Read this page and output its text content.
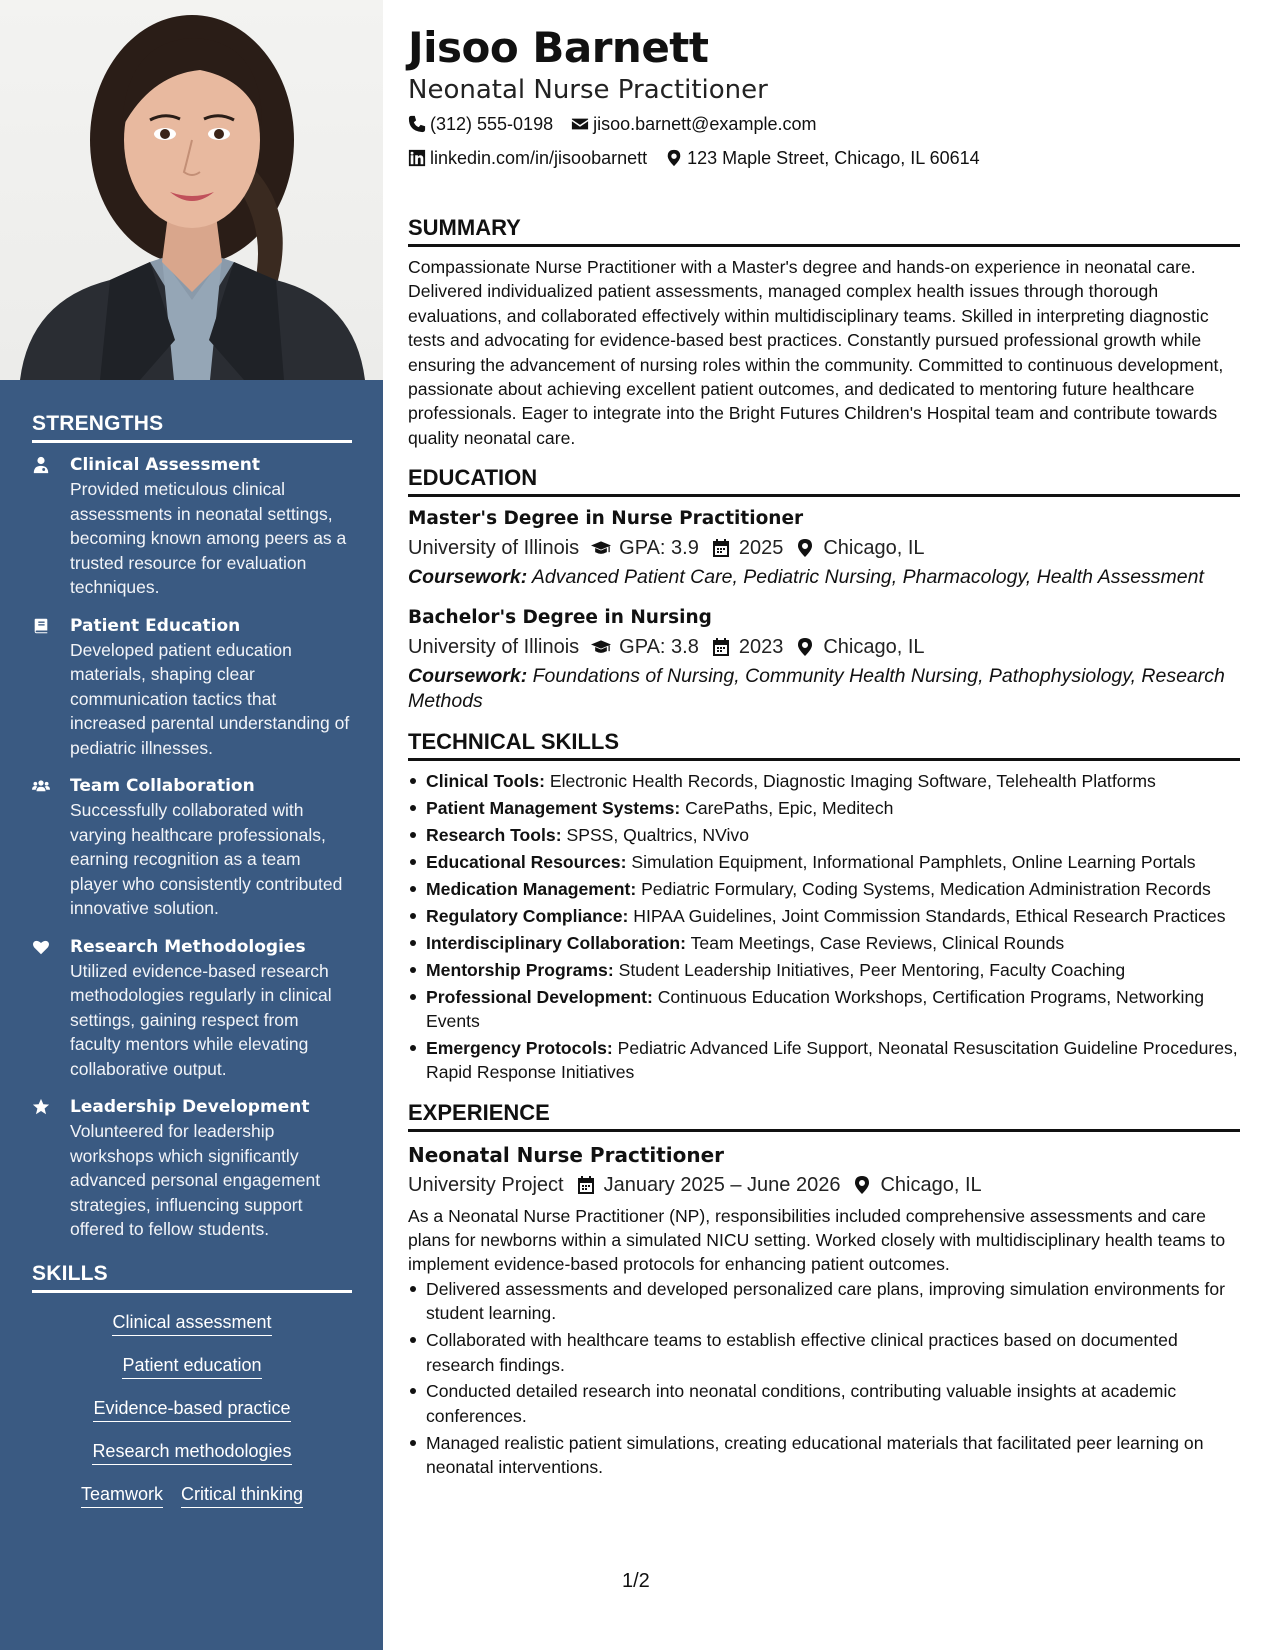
STRENGTHS
Clinical Assessment
Provided meticulous clinical assessments in neonatal settings, becoming known among peers as a trusted resource for evaluation techniques.
Patient Education
Developed patient education materials, shaping clear communication tactics that increased parental understanding of pediatric illnesses.
Team Collaboration
Successfully collaborated with varying healthcare professionals, earning recognition as a team player who consistently contributed innovative solution.
Research Methodologies
Utilized evidence-based research methodologies regularly in clinical settings, gaining respect from faculty mentors while elevating collaborative output.
Leadership Development
Volunteered for leadership workshops which significantly advanced personal engagement strategies, influencing support offered to fellow students.
SKILLS
Clinical assessment
Patient education
Evidence-based practice
Research methodologies
Teamwork Critical thinking
Jisoo Barnett
Neonatal Nurse Practitioner
(312) 555-0198 jisoo.barnett@example.com
linkedin.com/in/jisoobarnett 123 Maple Street, Chicago, IL 60614
SUMMARY
Compassionate Nurse Practitioner with a Master's degree and hands-on experience in neonatal care. Delivered individualized patient assessments, managed complex health issues through thorough evaluations, and collaborated effectively within multidisciplinary teams. Skilled in interpreting diagnostic tests and advocating for evidence-based best practices. Constantly pursued professional growth while ensuring the advancement of nursing roles within the community. Committed to continuous development, passionate about achieving excellent patient outcomes, and dedicated to mentoring future healthcare professionals. Eager to integrate into the Bright Futures Children's Hospital team and contribute towards quality neonatal care.
EDUCATION
Master's Degree in Nurse Practitioner
University of Illinois GPA: 3.9 2025 Chicago, IL
Coursework: Advanced Patient Care, Pediatric Nursing, Pharmacology, Health Assessment
Bachelor's Degree in Nursing
University of Illinois GPA: 3.8 2023 Chicago, IL
Coursework: Foundations of Nursing, Community Health Nursing, Pathophysiology, Research Methods
TECHNICAL SKILLS
Clinical Tools: Electronic Health Records, Diagnostic Imaging Software, Telehealth Platforms
Patient Management Systems: CarePaths, Epic, Meditech
Research Tools: SPSS, Qualtrics, NVivo
Educational Resources: Simulation Equipment, Informational Pamphlets, Online Learning Portals
Medication Management: Pediatric Formulary, Coding Systems, Medication Administration Records
Regulatory Compliance: HIPAA Guidelines, Joint Commission Standards, Ethical Research Practices
Interdisciplinary Collaboration: Team Meetings, Case Reviews, Clinical Rounds
Mentorship Programs: Student Leadership Initiatives, Peer Mentoring, Faculty Coaching
Professional Development: Continuous Education Workshops, Certification Programs, Networking Events
Emergency Protocols: Pediatric Advanced Life Support, Neonatal Resuscitation Guideline Procedures, Rapid Response Initiatives
EXPERIENCE
Neonatal Nurse Practitioner
University Project January 2025 – June 2026 Chicago, IL
As a Neonatal Nurse Practitioner (NP), responsibilities included comprehensive assessments and care plans for newborns within a simulated NICU setting. Worked closely with multidisciplinary health teams to implement evidence-based protocols for enhancing patient outcomes.
Delivered assessments and developed personalized care plans, improving simulation environments for student learning.
Collaborated with healthcare teams to establish effective clinical practices based on documented research findings.
Conducted detailed research into neonatal conditions, contributing valuable insights at academic conferences.
Managed realistic patient simulations, creating educational materials that facilitated peer learning on neonatal interventions.
1/2
